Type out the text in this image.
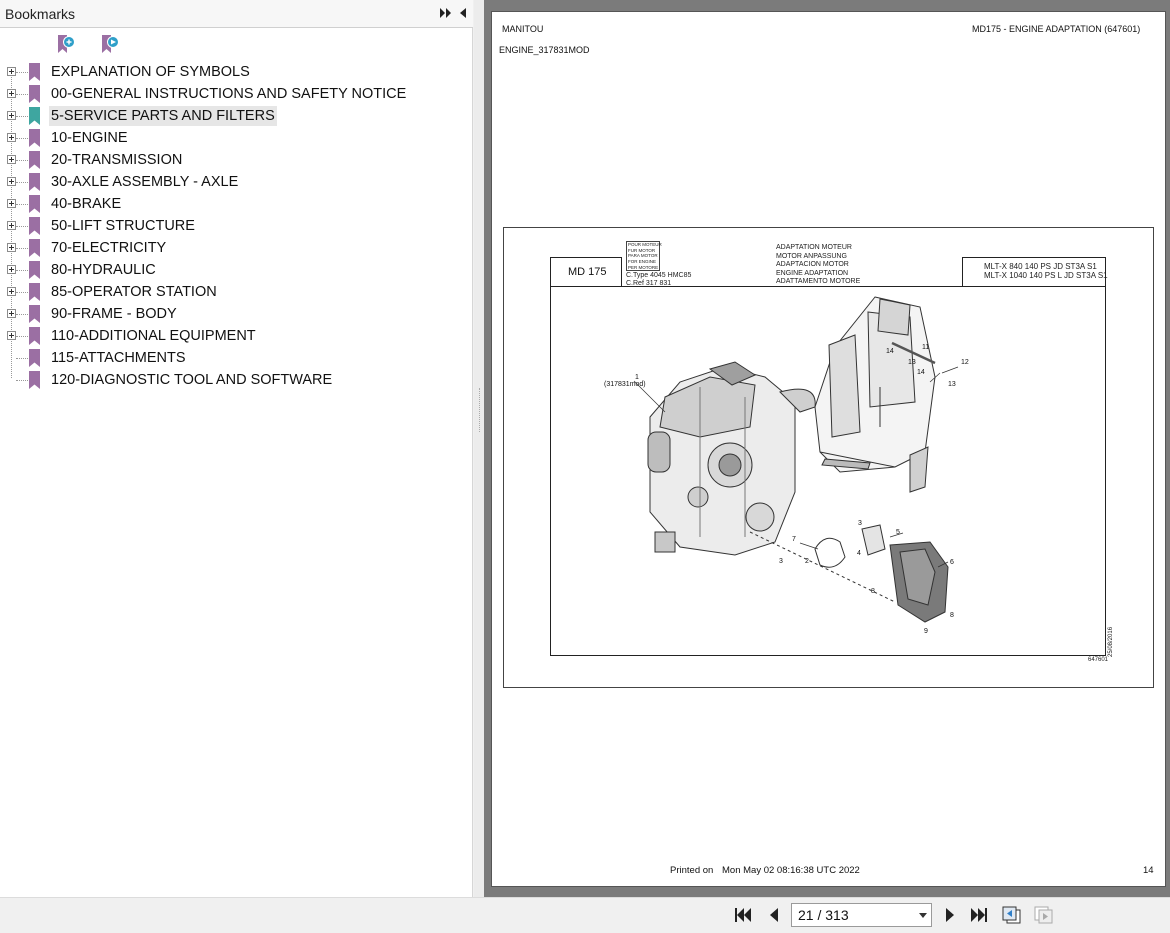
Bookmarks
EXPLANATION OF SYMBOLS
00-GENERAL INSTRUCTIONS AND SAFETY NOTICE
5-SERVICE PARTS AND FILTERS
10-ENGINE
20-TRANSMISSION
30-AXLE ASSEMBLY - AXLE
40-BRAKE
50-LIFT STRUCTURE
70-ELECTRICITY
80-HYDRAULIC
85-OPERATOR STATION
90-FRAME - BODY
110-ADDITIONAL EQUIPMENT
115-ATTACHMENTS
120-DIAGNOSTIC TOOL AND SOFTWARE
MANITOU	MD175 - ENGINE ADAPTATION (647601)
ENGINE_317831MOD
MD 175
POUR MOTEUR
FUR MOTOR
PARA MOTOR
FOR ENGINE
PER MOTORE
C.Type 4045 HMC85
C.Ref 317 831
ADAPTATION MOTEUR
MOTOR ANPASSUNG
ADAPTACION MOTOR
ENGINE ADAPTATION
ADATTAMENTO MOTORE
MLT-X 840 140 PS JD ST3A S1
MLT-X 1040 140 PS L JD ST3A S1
(317831mod)
1
11
12
13
13
14
14
3
5
6
7
3	2
4
8
8
9	25/08/2016
647601
Printed on Mon May 02 08:16:38 UTC 2022	14
21 / 313
